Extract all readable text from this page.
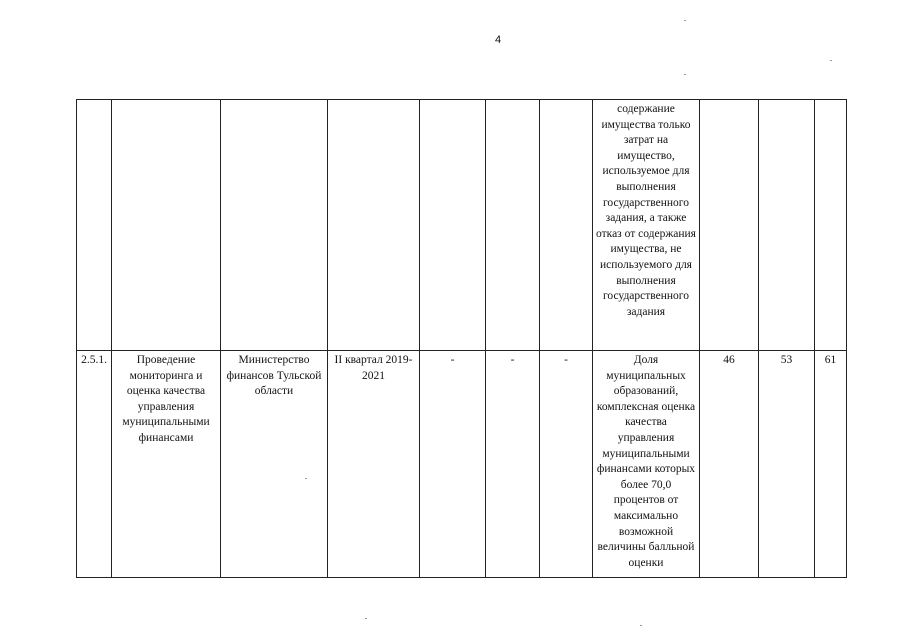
4
							содержание имущества только затрат на имущество, используемое для выполнения государственного задания, а также отказ от содержания имущества, не используемого для выполнения государственного задания			
2.5.1.	Проведение мониторинга и оценка качества управления муниципальными финансами	Министерство финансов Тульской области	II квартал 2019-2021	-	-	-	Доля муниципальных образований, комплексная оценка качества управления муниципальными финансами которых более 70,0 процентов от максимально возможной величины балльной оценки	46	53	61
